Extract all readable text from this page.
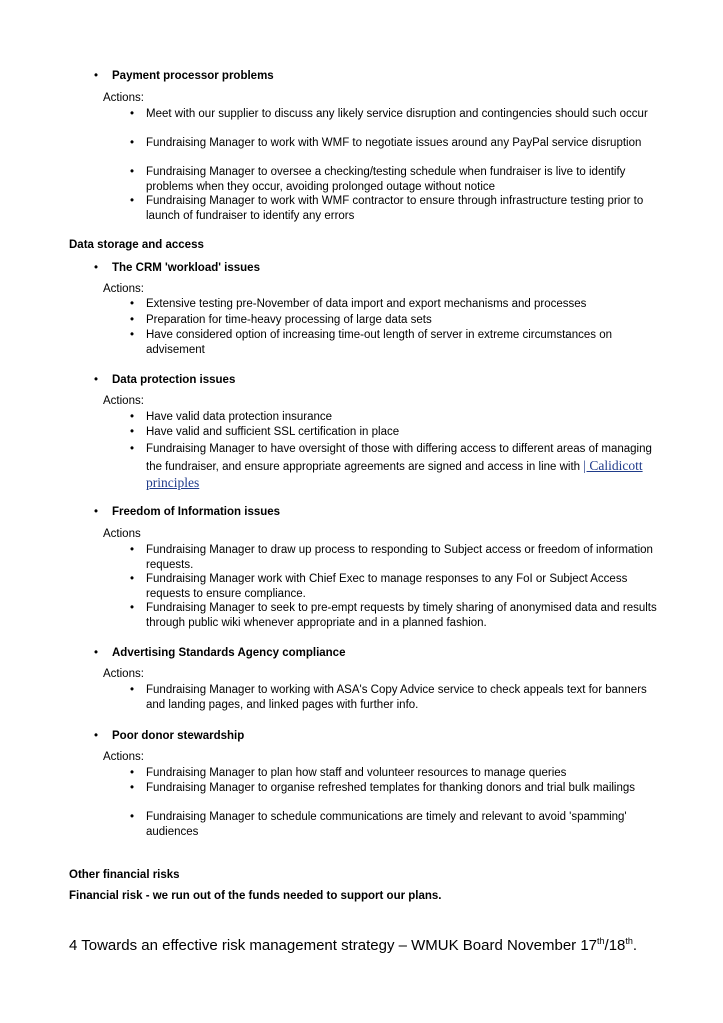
• Payment processor problems
Actions:
• Meet with our supplier to discuss any likely service disruption and contingencies should such occur
• Fundraising Manager to work with WMF to negotiate issues around any PayPal service disruption
• Fundraising Manager to oversee a checking/testing schedule when fundraiser is live to identify problems when they occur, avoiding prolonged outage without notice
• Fundraising Manager to work with WMF contractor to ensure through infrastructure testing prior to launch of fundraiser to identify any errors
Data storage and access
• The CRM 'workload' issues
Actions:
• Extensive testing pre-November of data import and export mechanisms and processes
• Preparation for time-heavy processing of large data sets
• Have considered option of increasing time-out length of server in extreme circumstances on advisement
• Data protection issues
Actions:
• Have valid data protection insurance
• Have valid and sufficient SSL certification in place
• Fundraising Manager to have oversight of those with differing access to different areas of managing the fundraiser, and ensure appropriate agreements are signed and access in line with | Calidicott principles
• Freedom of Information issues
Actions
• Fundraising Manager to draw up process to responding to Subject access or freedom of information requests.
• Fundraising Manager work with Chief Exec to manage responses to any FoI or Subject Access requests to ensure compliance.
• Fundraising Manager to seek to pre-empt requests by timely sharing of anonymised data and results through public wiki whenever appropriate and in a planned fashion.
• Advertising Standards Agency compliance
Actions:
• Fundraising Manager to working with ASA's Copy Advice service to check appeals text for banners and landing pages, and linked pages with further info.
• Poor donor stewardship
Actions:
• Fundraising Manager to plan how staff and volunteer resources to manage queries
• Fundraising Manager to organise refreshed templates for thanking donors and trial bulk mailings
• Fundraising Manager to schedule communications are timely and relevant to avoid 'spamming' audiences
Other financial risks
Financial risk - we run out of the funds needed to support our plans.
4 Towards an effective risk management strategy – WMUK Board November 17th/18th.
